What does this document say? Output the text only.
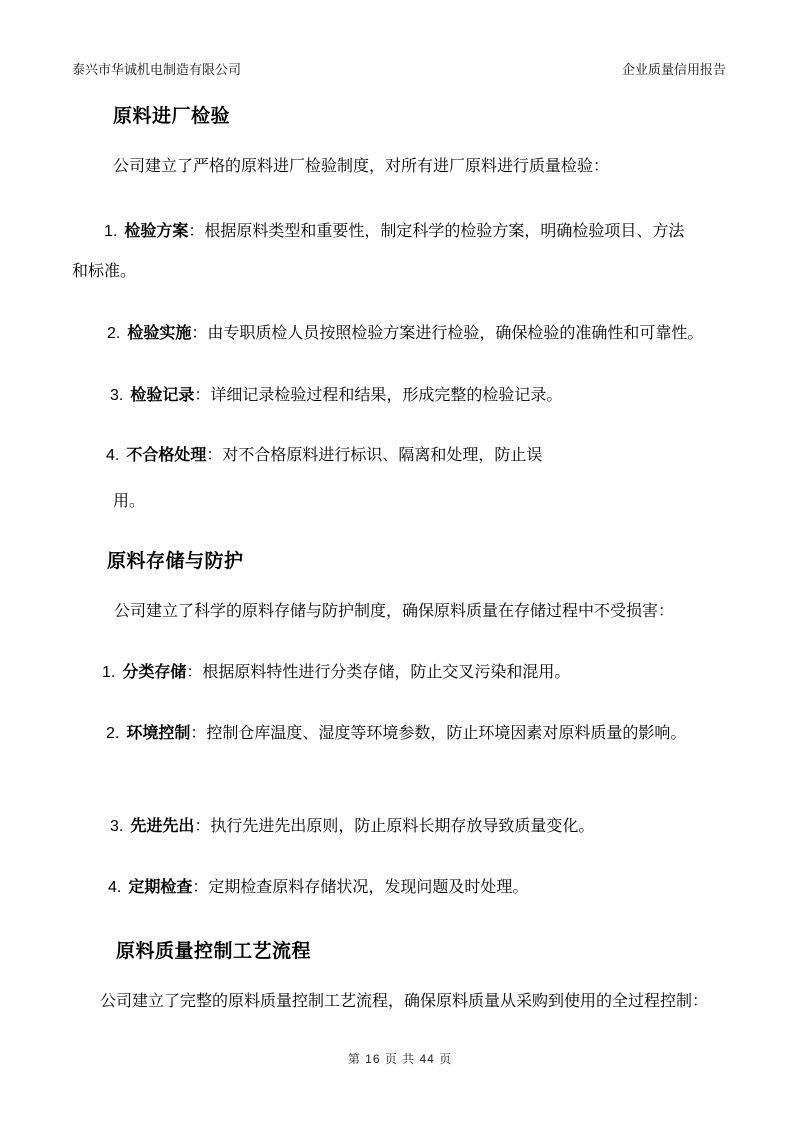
泰兴市华诚机电制造有限公司	企业质量信用报告
原料进厂检验
公司建立了严格的原料进厂检验制度，对所有进厂原料进行质量检验：
1. 检验方案：根据原料类型和重要性，制定科学的检验方案，明确检验项目、方法
和标准。
2. 检验实施：由专职质检人员按照检验方案进行检验，确保检验的准确性和可靠性。
3. 检验记录：详细记录检验过程和结果，形成完整的检验记录。
4. 不合格处理：对不合格原料进行标识、隔离和处理，防止误
用。
原料存储与防护
公司建立了科学的原料存储与防护制度，确保原料质量在存储过程中不受损害：
1. 分类存储：根据原料特性进行分类存储，防止交叉污染和混用。
2. 环境控制：控制仓库温度、湿度等环境参数，防止环境因素对原料质量的影响。
3. 先进先出：执行先进先出原则，防止原料长期存放导致质量变化。
4. 定期检查：定期检查原料存储状况，发现问题及时处理。
原料质量控制工艺流程
公司建立了完整的原料质量控制工艺流程，确保原料质量从采购到使用的全过程控制：
第 16 页 共 44 页
